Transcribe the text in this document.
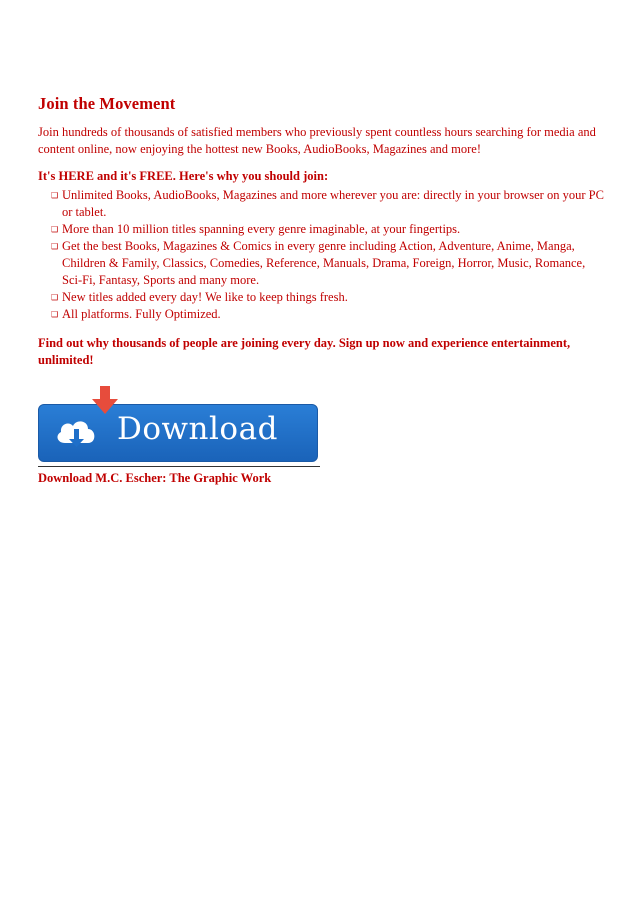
Join the Movement
Join hundreds of thousands of satisfied members who previously spent countless hours searching for media and content online, now enjoying the hottest new Books, AudioBooks, Magazines and more!
It's HERE and it's FREE. Here's why you should join:
❑ Unlimited Books, AudioBooks, Magazines and more wherever you are: directly in your browser on your PC or tablet.
❑ More than 10 million titles spanning every genre imaginable, at your fingertips.
❑ Get the best Books, Magazines & Comics in every genre including Action, Adventure, Anime, Manga, Children & Family, Classics, Comedies, Reference, Manuals, Drama, Foreign, Horror, Music, Romance, Sci-Fi, Fantasy, Sports and many more.
❑ New titles added every day! We like to keep things fresh.
❑ All platforms. Fully Optimized.
Find out why thousands of people are joining every day. Sign up now and experience entertainment, unlimited!
Download
Download M.C. Escher: The Graphic Work
